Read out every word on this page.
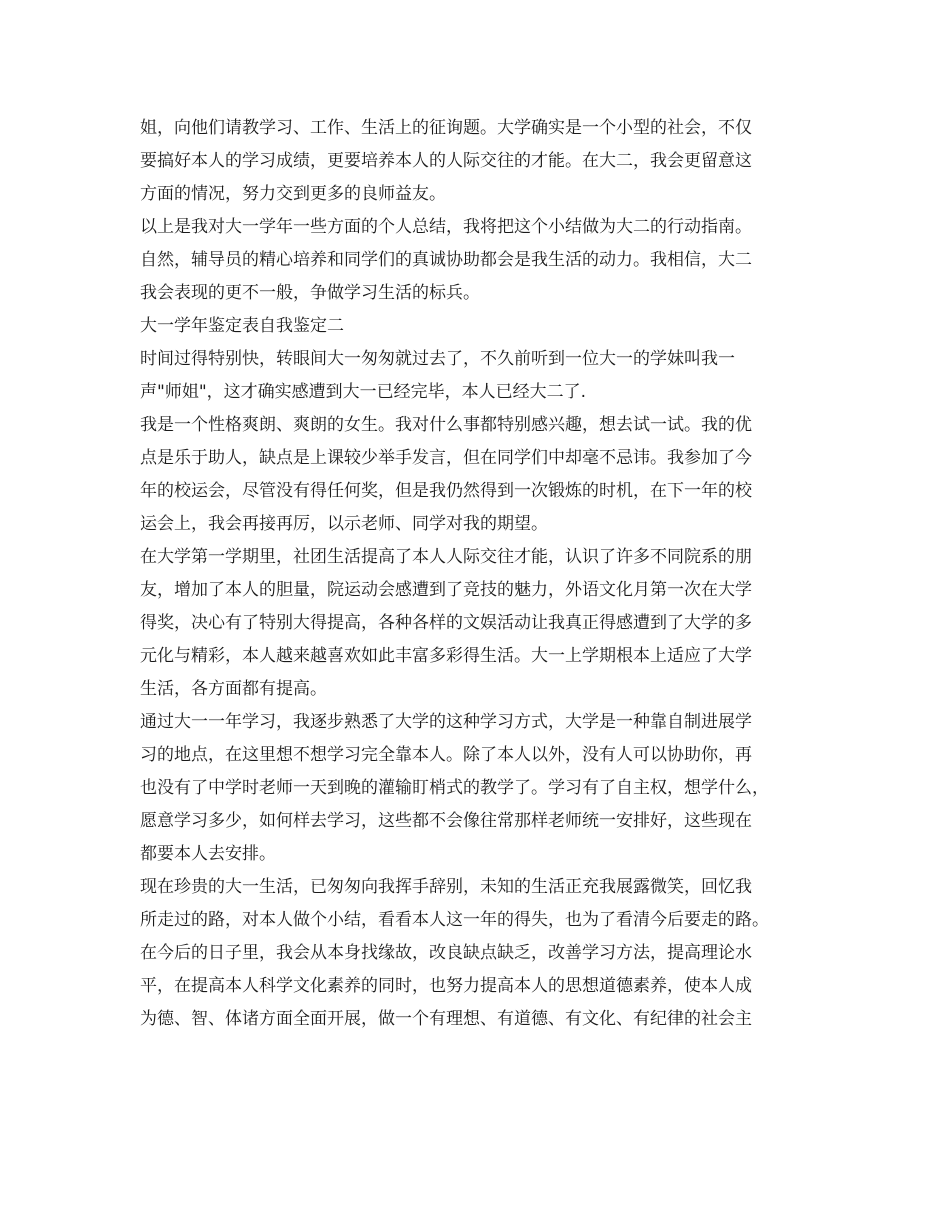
姐，向他们请教学习、工作、生活上的征询题。大学确实是一个小型的社会，不仅
要搞好本人的学习成绩，更要培养本人的人际交往的才能。在大二，我会更留意这
方面的情况，努力交到更多的良师益友。
以上是我对大一学年一些方面的个人总结，我将把这个小结做为大二的行动指南。
自然，辅导员的精心培养和同学们的真诚协助都会是我生活的动力。我相信，大二
我会表现的更不一般，争做学习生活的标兵。
大一学年鉴定表自我鉴定二
时间过得特别快，转眼间大一匆匆就过去了，不久前听到一位大一的学妹叫我一
声"师姐"，这才确实感遭到大一已经完毕，本人已经大二了.
我是一个性格爽朗、爽朗的女生。我对什么事都特别感兴趣，想去试一试。我的优
点是乐于助人，缺点是上课较少举手发言，但在同学们中却毫不忌讳。我参加了今
年的校运会，尽管没有得任何奖，但是我仍然得到一次锻炼的时机，在下一年的校
运会上，我会再接再厉，以示老师、同学对我的期望。
在大学第一学期里，社团生活提高了本人人际交往才能，认识了许多不同院系的朋
友，增加了本人的胆量，院运动会感遭到了竞技的魅力，外语文化月第一次在大学
得奖，决心有了特别大得提高，各种各样的文娱活动让我真正得感遭到了大学的多
元化与精彩，本人越来越喜欢如此丰富多彩得生活。大一上学期根本上适应了大学
生活，各方面都有提高。
通过大一一年学习，我逐步熟悉了大学的这种学习方式，大学是一种靠自制进展学
习的地点，在这里想不想学习完全靠本人。除了本人以外，没有人可以协助你，再
也没有了中学时老师一天到晚的灌输盯梢式的教学了。学习有了自主权，想学什么，
愿意学习多少，如何样去学习，这些都不会像往常那样老师统一安排好，这些现在
都要本人去安排。
现在珍贵的大一生活，已匆匆向我挥手辞别，未知的生活正充我展露微笑，回忆我
所走过的路，对本人做个小结，看看本人这一年的得失，也为了看清今后要走的路。
在今后的日子里，我会从本身找缘故，改良缺点缺乏，改善学习方法，提高理论水
平，在提高本人科学文化素养的同时，也努力提高本人的思想道德素养，使本人成
为德、智、体诸方面全面开展，做一个有理想、有道德、有文化、有纪律的社会主
